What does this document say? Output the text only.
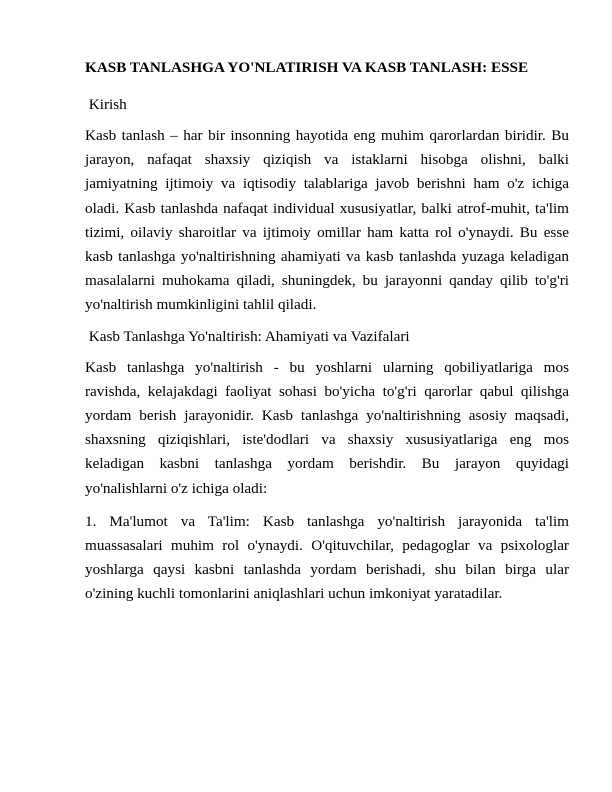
KASB TANLASHGA YO'NLATIRISH VA KASB TANLASH: ESSE
Kirish

Kasb tanlash – har bir insonning hayotida eng muhim qarorlardan biridir. Bu jarayon, nafaqat shaxsiy qiziqish va istaklarni hisobga olishni, balki jamiyatning ijtimoiy va iqtisodiy talablariga javob berishni ham o'z ichiga oladi. Kasb tanlashda nafaqat individual xususiyatlar, balki atrof-muhit, ta'lim tizimi, oilaviy sharoitlar va ijtimoiy omillar ham katta rol o'ynaydi. Bu esse kasb tanlashga yo'naltirishning ahamiyati va kasb tanlashda yuzaga keladigan masalalarni muhokama qiladi, shuningdek, bu jarayonni qanday qilib to'g'ri yo'naltirish mumkinligini tahlil qiladi.

Kasb Tanlashga Yo'naltirish: Ahamiyati va Vazifalari

Kasb tanlashga yo'naltirish - bu yoshlarni ularning qobiliyatlariga mos ravishda, kelajakdagi faoliyat sohasi bo'yicha to'g'ri qarorlar qabul qilishga yordam berish jarayonidir. Kasb tanlashga yo'naltirishning asosiy maqsadi, shaxsning qiziqishlari, iste'dodlari va shaxsiy xususiyatlariga eng mos keladigan kasbni tanlashga yordam berishdir. Bu jarayon quyidagi yo'nalishlarni o'z ichiga oladi:

1. Ma'lumot va Ta'lim: Kasb tanlashga yo'naltirish jarayonida ta'lim muassasalari muhim rol o'ynaydi. O'qituvchilar, pedagoglar va psixologlar yoshlarga qaysi kasbni tanlashda yordam berishadi, shu bilan birga ular o'zining kuchli tomonlarini aniqlashlari uchun imkoniyat yaratadilar.
